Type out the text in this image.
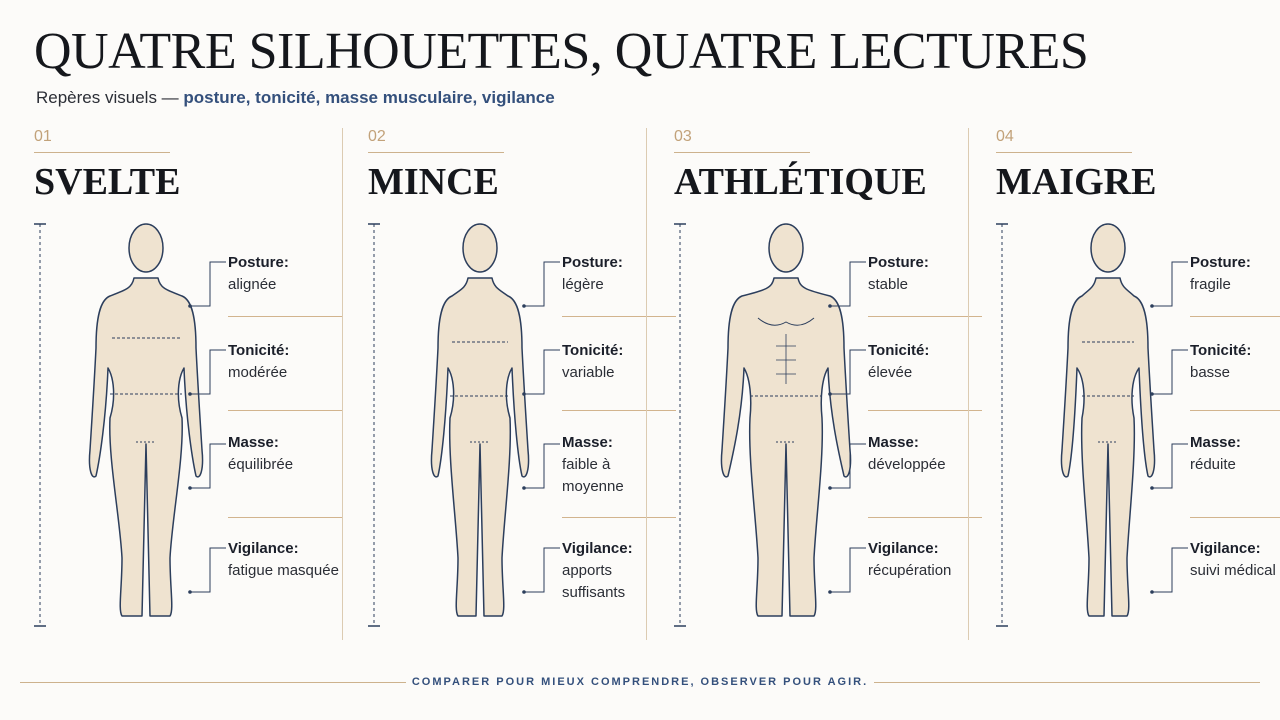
QUATRE SILHOUETTES, QUATRE LECTURES
Repères visuels — posture, tonicité, masse musculaire, vigilance
01
SVELTE
Posture:
alignée
Tonicité:
modérée
Masse:
équilibrée
Vigilance:
fatigue masquée
02
MINCE
Posture:
légère
Tonicité:
variable
Masse:
faible à moyenne
Vigilance:
apports suffisants
03
ATHLÉTIQUE
Posture:
stable
Tonicité:
élevée
Masse:
développée
Vigilance:
récupération
04
MAIGRE
Posture:
fragile
Tonicité:
basse
Masse:
réduite
Vigilance:
suivi médical
COMPARER POUR MIEUX COMPRENDRE, OBSERVER POUR AGIR.
